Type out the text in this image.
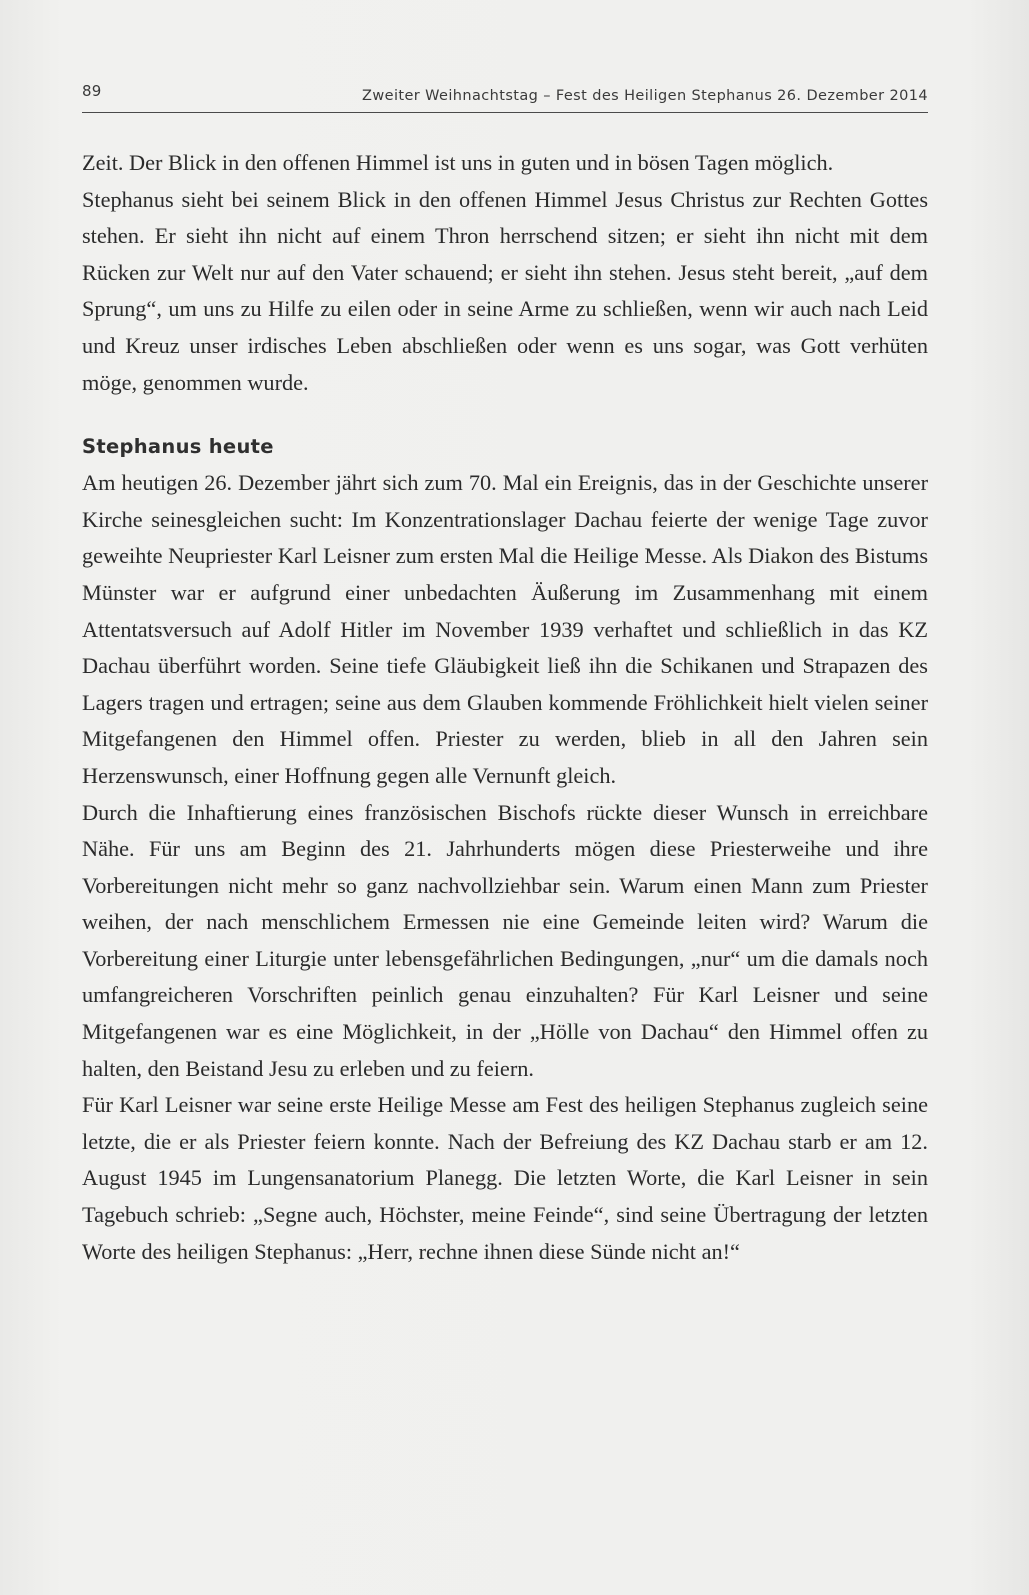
89	Zweiter Weihnachtstag – Fest des Heiligen Stephanus 26. Dezember 2014

Zeit. Der Blick in den offenen Himmel ist uns in guten und in bösen Tagen möglich.

Stephanus sieht bei seinem Blick in den offenen Himmel Jesus Christus zur Rechten Gottes stehen. Er sieht ihn nicht auf einem Thron herrschend sitzen; er sieht ihn nicht mit dem Rücken zur Welt nur auf den Vater schauend; er sieht ihn stehen. Jesus steht bereit, „auf dem Sprung“, um uns zu Hilfe zu eilen oder in seine Arme zu schließen, wenn wir auch nach Leid und Kreuz unser irdisches Leben abschließen oder wenn es uns sogar, was Gott verhüten möge, genommen wurde.

Stephanus heute

Am heutigen 26. Dezember jährt sich zum 70. Mal ein Ereignis, das in der Geschichte unserer Kirche seinesgleichen sucht: Im Konzentrationslager Dachau feierte der wenige Tage zuvor geweihte Neupriester Karl Leisner zum ersten Mal die Heilige Messe. Als Diakon des Bistums Münster war er aufgrund einer unbedachten Äußerung im Zusammenhang mit einem Attentatsversuch auf Adolf Hitler im November 1939 verhaftet und schließlich in das KZ Dachau überführt worden. Seine tiefe Gläubigkeit ließ ihn die Schikanen und Strapazen des Lagers tragen und ertragen; seine aus dem Glauben kommende Fröhlichkeit hielt vielen seiner Mitgefangenen den Himmel offen. Priester zu werden, blieb in all den Jahren sein Herzenswunsch, einer Hoffnung gegen alle Vernunft gleich.

Durch die Inhaftierung eines französischen Bischofs rückte dieser Wunsch in erreichbare Nähe. Für uns am Beginn des 21. Jahrhunderts mögen diese Priesterweihe und ihre Vorbereitungen nicht mehr so ganz nachvollziehbar sein. Warum einen Mann zum Priester weihen, der nach menschlichem Ermessen nie eine Gemeinde leiten wird? Warum die Vorbereitung einer Liturgie unter lebensgefährlichen Bedingungen, „nur“ um die damals noch umfangreicheren Vorschriften peinlich genau einzuhalten? Für Karl Leisner und seine Mitgefangenen war es eine Möglichkeit, in der „Hölle von Dachau“ den Himmel offen zu halten, den Beistand Jesu zu erleben und zu feiern.

Für Karl Leisner war seine erste Heilige Messe am Fest des heiligen Stephanus zugleich seine letzte, die er als Priester feiern konnte. Nach der Befreiung des KZ Dachau starb er am 12. August 1945 im Lungensanatorium Planegg. Die letzten Worte, die Karl Leisner in sein Tagebuch schrieb: „Segne auch, Höchster, meine Feinde“, sind seine Übertragung der letzten Worte des heiligen Stephanus: „Herr, rechne ihnen diese Sünde nicht an!“
